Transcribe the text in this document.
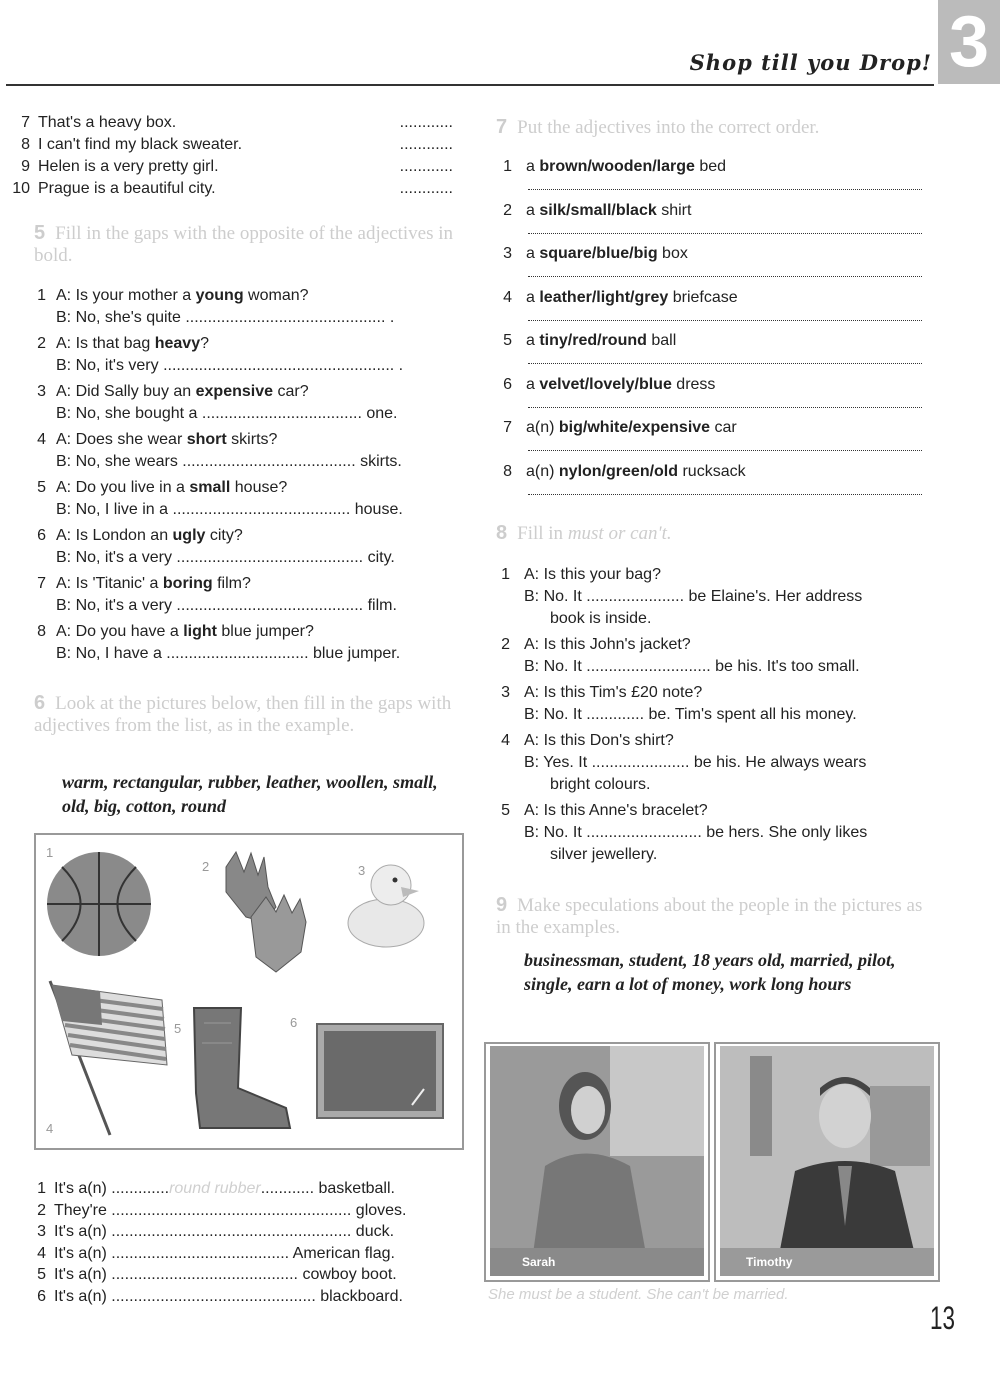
Shop till you Drop! 3
7 That's a heavy box.	............
8 I can't find my black sweater.	............
9 Helen is a very pretty girl.	............
10 Prague is a beautiful city.	............
5 Fill in the gaps with the opposite of the adjectives in bold.
1 A: Is your mother a young woman?
B: No, she's quite ............................................. .
2 A: Is that bag heavy?
B: No, it's very .................................................... .
3 A: Did Sally buy an expensive car?
B: No, she bought a .................................... one.
4 A: Does she wear short skirts?
B: No, she wears ....................................... skirts.
5 A: Do you live in a small house?
B: No, I live in a ........................................ house.
6 A: Is London an ugly city?
B: No, it's a very .......................................... city.
7 A: Is 'Titanic' a boring film?
B: No, it's a very .......................................... film.
8 A: Do you have a light blue jumper?
B: No, I have a ................................ blue jumper.
6 Look at the pictures below, then fill in the gaps with adjectives from the list, as in the example.
warm, rectangular, rubber, leather, woollen, small, old, big, cotton, round
1
2	3
4
5	6
1 It's a(n) .............round rubber............ basketball.
2 They're ...................................................... gloves.
3 It's a(n) ...................................................... duck.
4 It's a(n) ........................................ American flag.
5 It's a(n) .......................................... cowboy boot.
6 It's a(n) .............................................. blackboard.
7 Put the adjectives into the correct order.
1 a brown/wooden/large bed
2 a silk/small/black shirt
3 a square/blue/big box
4 a leather/light/grey briefcase
5 a tiny/red/round ball
6 a velvet/lovely/blue dress
7 a(n) big/white/expensive car
8 a(n) nylon/green/old rucksack
8 Fill in must or can't.
1 A: Is this your bag?
B: No. It ...................... be Elaine's. Her address
book is inside.
2 A: Is this John's jacket?
B: No. It ............................ be his. It's too small.
3 A: Is this Tim's £20 note?
B: No. It ............. be. Tim's spent all his money.
4 A: Is this Don's shirt?
B: Yes. It ...................... be his. He always wears
bright colours.
5 A: Is this Anne's bracelet?
B: No. It .......................... be hers. She only likes
silver jewellery.
9 Make speculations about the people in the pictures as in the examples.
businessman, student, 18 years old, married, pilot, single, earn a lot of money, work long hours
Sarah	Timothy
She must be a student. She can't be married.
13
